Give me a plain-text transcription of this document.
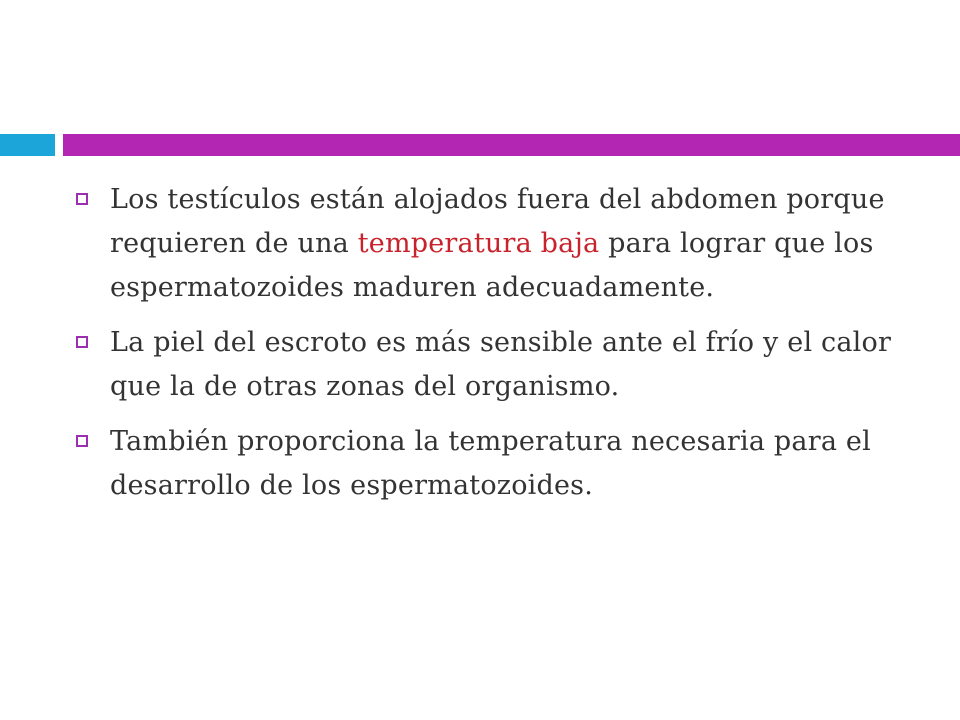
Los testículos están alojados fuera del abdomen porque requieren de una temperatura baja para lograr que los espermatozoides maduren adecuadamente.
La piel del escroto es más sensible ante el frío y el calor que la de otras zonas del organismo.
También proporciona la temperatura necesaria para el desarrollo de los espermatozoides.
